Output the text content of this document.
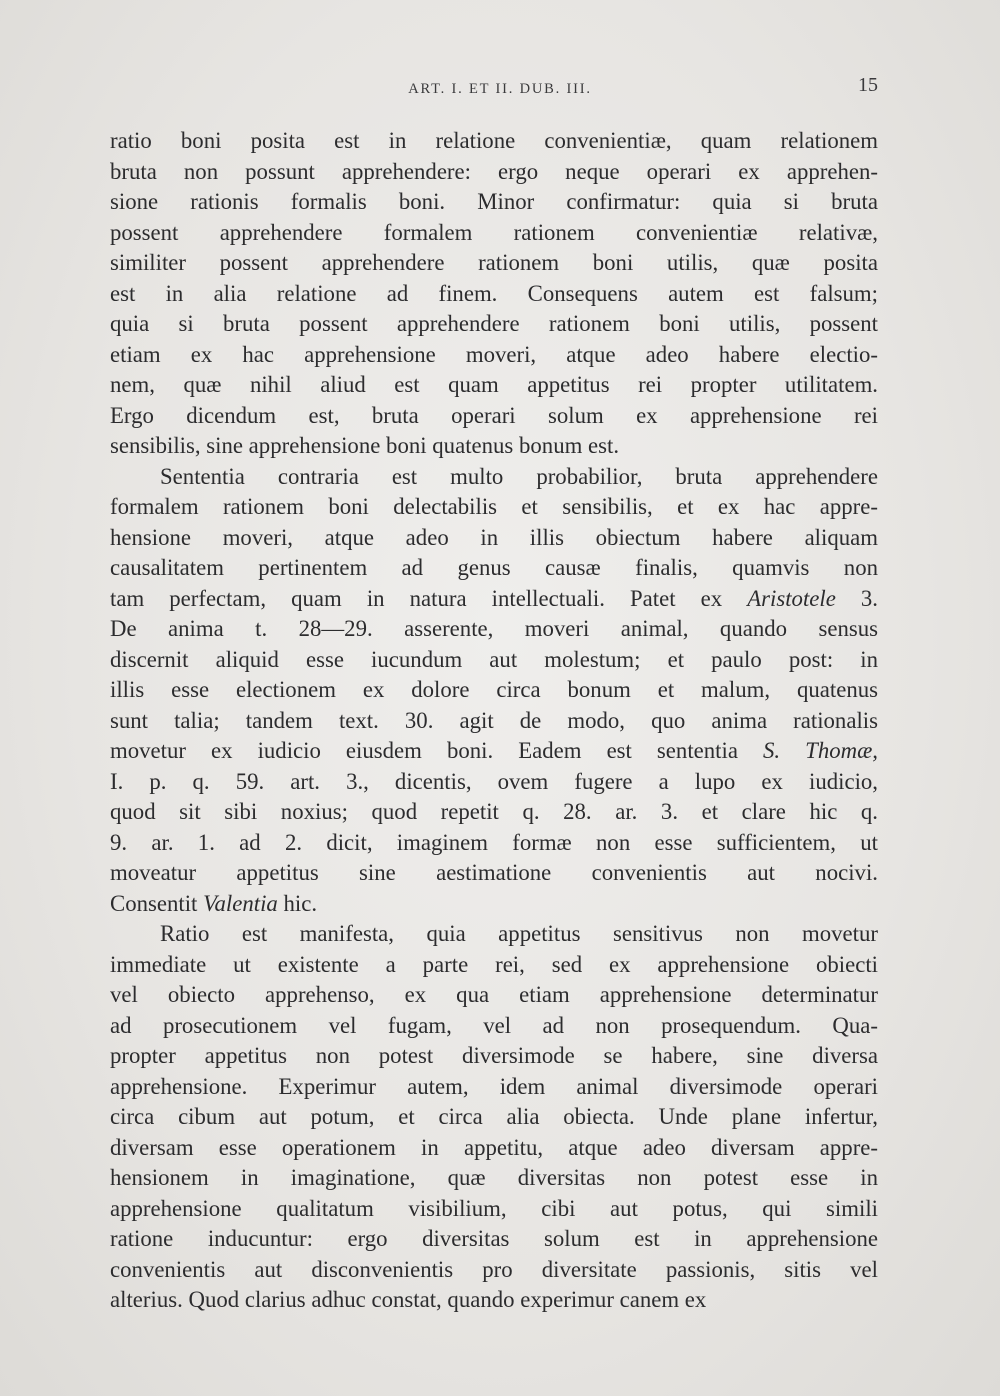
ART. I. ET II. DUB. III.	15
ratio boni posita est in relatione convenientiæ, quam relationem
bruta non possunt apprehendere: ergo neque operari ex apprehen-
sione rationis formalis boni. Minor confirmatur: quia si bruta
possent apprehendere formalem rationem convenientiæ relativæ,
similiter possent apprehendere rationem boni utilis, quæ posita
est in alia relatione ad finem. Consequens autem est falsum;
quia si bruta possent apprehendere rationem boni utilis, possent
etiam ex hac apprehensione moveri, atque adeo habere electio-
nem, quæ nihil aliud est quam appetitus rei propter utilitatem.
Ergo dicendum est, bruta operari solum ex apprehensione rei
sensibilis, sine apprehensione boni quatenus bonum est.
Sententia contraria est multo probabilior, bruta apprehendere
formalem rationem boni delectabilis et sensibilis, et ex hac appre-
hensione moveri, atque adeo in illis obiectum habere aliquam
causalitatem pertinentem ad genus causæ finalis, quamvis non
tam perfectam, quam in natura intellectuali. Patet ex Aristotele 3.
De anima t. 28—29. asserente, moveri animal, quando sensus
discernit aliquid esse iucundum aut molestum; et paulo post: in
illis esse electionem ex dolore circa bonum et malum, quatenus
sunt talia; tandem text. 30. agit de modo, quo anima rationalis
movetur ex iudicio eiusdem boni. Eadem est sententia S. Thomæ,
I. p. q. 59. art. 3., dicentis, ovem fugere a lupo ex iudicio,
quod sit sibi noxius; quod repetit q. 28. ar. 3. et clare hic q.
9. ar. 1. ad 2. dicit, imaginem formæ non esse sufficientem, ut
moveatur appetitus sine aestimatione convenientis aut nocivi.
Consentit Valentia hic.
Ratio est manifesta, quia appetitus sensitivus non movetur
immediate ut existente a parte rei, sed ex apprehensione obiecti
vel obiecto apprehenso, ex qua etiam apprehensione determinatur
ad prosecutionem vel fugam, vel ad non prosequendum. Qua-
propter appetitus non potest diversimode se habere, sine diversa
apprehensione. Experimur autem, idem animal diversimode operari
circa cibum aut potum, et circa alia obiecta. Unde plane infertur,
diversam esse operationem in appetitu, atque adeo diversam appre-
hensionem in imaginatione, quæ diversitas non potest esse in
apprehensione qualitatum visibilium, cibi aut potus, qui simili
ratione inducuntur: ergo diversitas solum est in apprehensione
convenientis aut disconvenientis pro diversitate passionis, sitis vel
alterius. Quod clarius adhuc constat, quando experimur canem ex
